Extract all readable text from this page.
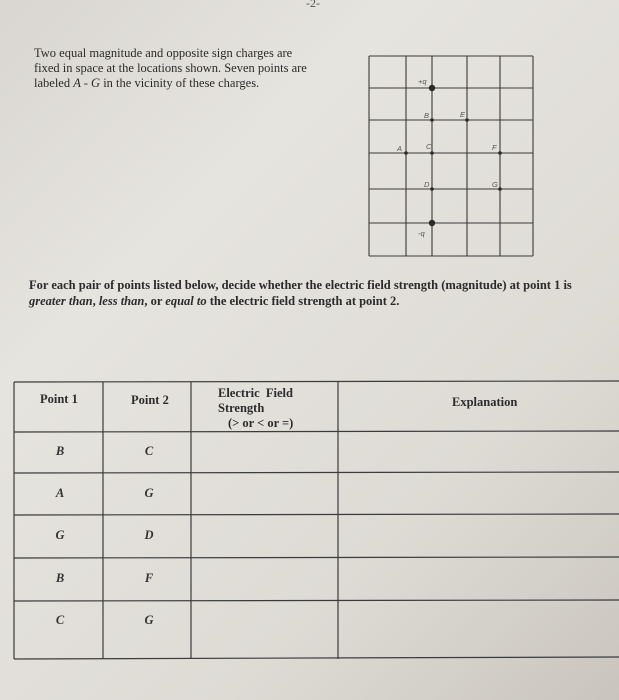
-2-
Two equal magnitude and opposite sign charges are
fixed in space at the locations shown. Seven points are
labeled A - G in the vicinity of these charges.	+q
-q
A
B
C
D
E
F
G
For each pair of points listed below, decide whether the electric field strength (magnitude) at point 1 is greater than, less than, or equal to the electric field strength at point 2.
Point 1	Point 2	Electric  Field
Strength
(> or < or =)
Explanation
B	C
A	G
G	D
B	F
C	G
